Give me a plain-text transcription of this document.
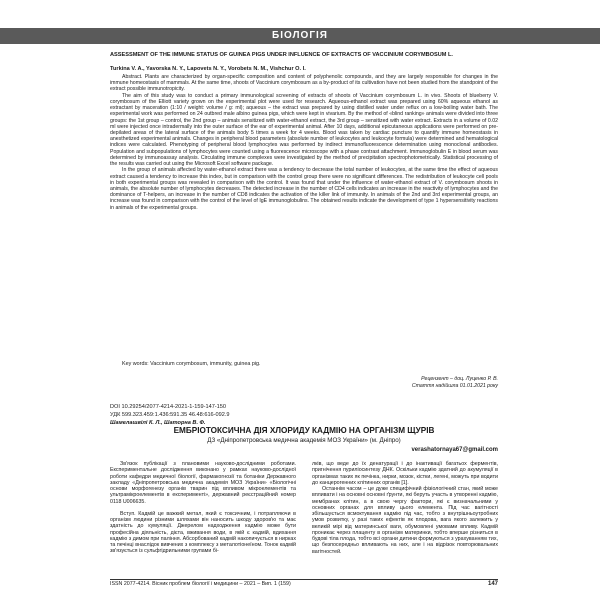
БІОЛОГІЯ
ASSESSMENT OF THE IMMUNE STATUS OF GUINEA PIGS UNDER INFLUENCE OF EXTRACTS OF VACCINIUM CORYMBOSUM L.
Turkina V. A., Yavorska N. Y., Lapovets N. Y., Vorobets N. M., Vishchur O. I.

Abstract. Plants are characterized by organ-specific composition and content of polyphenolic compounds, and they are largely responsible for changes in the immune homeostasis of mammals. At the same time, shoots of Vaccinium corymbosum as a by-product of its cultivation have not been studied from the standpoint of the extract possible immunotropicity.

The aim of this study was to conduct a primary immunological screening of extracts of shoots of Vaccinium corymbosum L. in vivo. Shoots of blueberry V. corymbosum of the Elliott variety grown on the experimental plot were used for research. Aqueous-ethanol extract was prepared using 60% aqueous ethanol as extractant by maceration (1:10 / weight: volume / g: ml); aqueous – the extract was prepared by using distilled water under reflux on a low-boiling water bath. The experimental work was performed on 24 outbred male albino guinea pigs, which were kept in vivarium. By the method of «blind ranking» animals were divided into three groups: the 1st group – control, the 2nd group – animals sensitized with water-ethanol extract, the 3rd group – sensitized with water extract. Extracts in a volume of 0.02 ml were injected once intradermally into the outer surface of the ear of experimental animal. After 10 days, additional epicutaneous applications were performed on pre-depilated areas of the lateral surface of the animals body 5 times a week for 4 weeks. Blood was taken by cardiac puncture to quantify immune homeostasis in anesthetized experimental animals. Changes in peripheral blood parameters (absolute number of leukocytes and leukocyte formula) were determined and hematological indices were calculated. Phenotyping of peripheral blood lymphocytes was performed by indirect immunofluorescence determination using monoclonal antibodies. Population and subpopulations of lymphocytes were counted using a fluorescence microscope with a phase contrast attachment. Immunoglobulin E in blood serum was determined by immunoassay analysis. Circulating immune complexes were investigated by the method of precipitation spectrophotometrically. Statistical processing of the results was carried out using the Microsoft Excel software package.

In the group of animals affected by water-ethanol extract there was a tendency to decrease the total number of leukocytes, at the same time the effect of aqueous extract caused a tendency to increase this index, but in comparison with the control group there were no significant differences. The redistribution of leukocyte cell pools in both experimental groups was revealed in comparison with the control. It was found that under the influence of water-ethanol extract of V. corymbosum shoots in animals, the absolute number of lymphocytes decreases. The detected increase in the number of CD4 cells indicates an increase in the reactivity of lymphocytes and the dominance of T-helpers, an increase in the number of CD8 indicates the activation of the killer link of immunity. In animals of the 2nd and 3rd experimental groups, an increase was found in comparison with the control of the level of IgE immunoglobulins. The obtained results indicate the development of type 1 hypersensitivity reactions in animals of the experimental groups.

Key words: Vaccinium corymbosum, immunity, guinea pig.
Рецензент – доц. Луценко Р. В.
Стаття надійшла 01.01.2021 року
DOI 10.29254/2077-4214-2021-1-159-147-150
УДК 599.323.459:1.436:591.35 46.48:616-092.9
Шамелашвілі К. Л., Шаторна В. Ф.
ЕМБРІОТОКСИЧНА ДІЯ ХЛОРИДУ КАДМІЮ НА ОРГАНІЗМ ЩУРІВ
ДЗ «Дніпропетровська медична академія МОЗ України» (м. Дніпро)
verashatornaya67@gmail.com

Зв'язок публікації з плановими науково-дослідними роботами. Експериментальне дослідження виконано у рамках науково-дослідної роботи кафедри медичної біології, фармакогнозії та ботаніки Державного закладу «Дніпропетровська медична академія МОЗ України» «Біологічні основи морфогенезу органів тварин під впливом мікроелементів та ультрамікроелементів в експерименті», державний реєстраційний номер 0118 U006635.

Вступ. Кадмій це важкий метал, який є токсичним, і потрапляючи в організм людини різними шляхами він наносить шкоду здоров'ю та має здатність до кумуляції. Джерелом надходження кадмію може бути професійна діяльність, дієта, вживання води, в якій є кадмій, вдихання кадмію з димом при паління. Абсорбований кадмій накопичується в нирках та печінці внаслідок вивчених з комплексу з металотіонеїном. Тонок кадмій зв'язується із сульфгідрильними групами бі-

лків, що веде до їх денатурації і до інактивації багатьох ферментів, пригнічення пуриліосинтезу ДНК. Оскільки кадмію здатний до акумуляції в організмах таких як печінка, нирки, мозок, кістки, легені, можуть при водити до канцерогенних клітинних органів [1].

Останнім часом – це дуже специфічний фізіологічний стан, який може впливати і на основні основні ґрунти, які беруть участь в утворенні кадмію, мембранах клітин, а в свою чергу фактори, які є визначальними у основних органах для впливу цього елемента. Під час вагітності збільшується всмоктування кадмію під час, тобто з внутрішньоутробних умов розвитку, у разі таких ефектів як плодова, вага якого залежить у великій мірі від материнської ваги, обумовлені умовами впливу. Кадмій проникає через плаценту в організм материнки, тобто вперше різниться в будові тіла плода, тобто всі органи дитини формуються з урахуванням тих, що безпосередньо впливають на них, але і на відрізок повторювальних вагітностей.

ISSN 2077-4214. Вісник проблем біології і медицини – 2021 – Вип. 1 (159)	147
